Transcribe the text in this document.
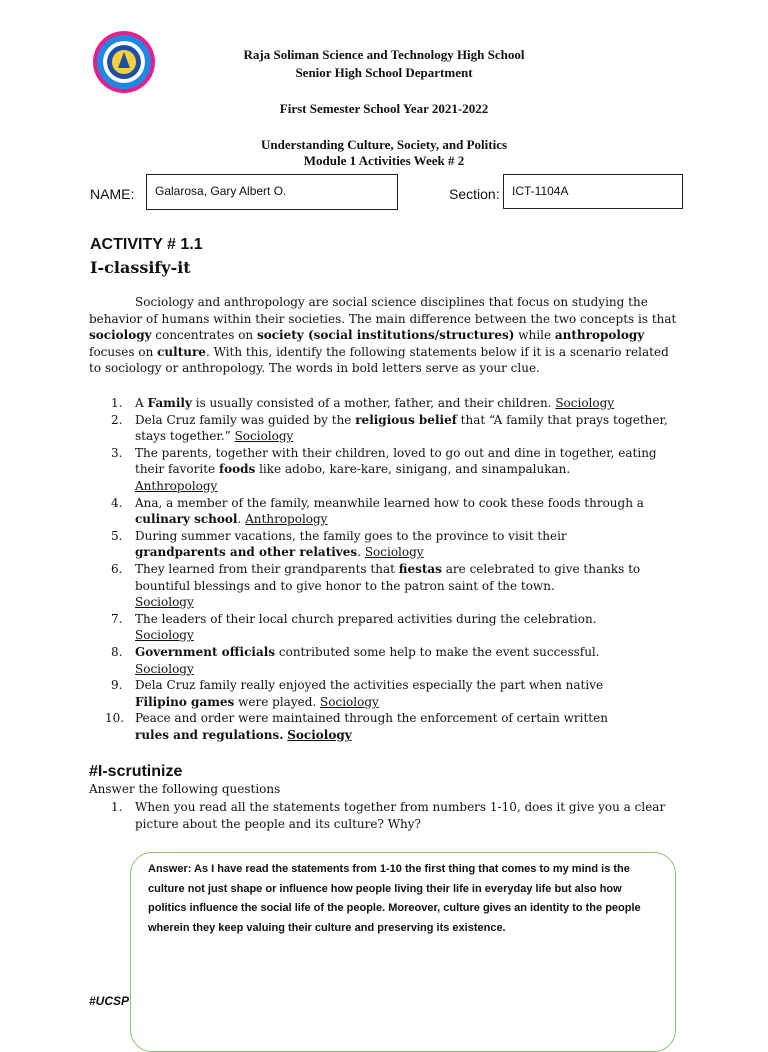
Raja Soliman Science and Technology High School
Senior High School Department
First Semester School Year 2021-2022
Understanding Culture, Society, and Politics
Module 1 Activities Week # 2
NAME:	Galarosa, Gary Albert O.	Section:	ICT-1104A
ACTIVITY # 1.1
I-classify-it
Sociology and anthropology are social science disciplines that focus on studying the behavior of humans within their societies. The main difference between the two concepts is that sociology concentrates on society (social institutions/structures) while anthropology focuses on culture. With this, identify the following statements below if it is a scenario related to sociology or anthropology. The words in bold letters serve as your clue.
1. A Family is usually consisted of a mother, father, and their children. Sociology
2. Dela Cruz family was guided by the religious belief that “A family that prays together, stays together.” Sociology
3. The parents, together with their children, loved to go out and dine in together, eating their favorite foods like adobo, kare-kare, sinigang, and sinampalukan.
Anthropology
4. Ana, a member of the family, meanwhile learned how to cook these foods through a culinary school. Anthropology
5. During summer vacations, the family goes to the province to visit their
grandparents and other relatives. Sociology
6. They learned from their grandparents that fiestas are celebrated to give thanks to bountiful blessings and to give honor to the patron saint of the town.
Sociology
7. The leaders of their local church prepared activities during the celebration.
Sociology
8. Government officials contributed some help to make the event successful.
Sociology
9. Dela Cruz family really enjoyed the activities especially the part when native
Filipino games were played. Sociology
10. Peace and order were maintained through the enforcement of certain written
rules and regulations. Sociology
#I-scrutinize
Answer the following questions
1.	When you read all the statements together from numbers 1-10, does it give you a clear picture about the people and its culture? Why?
Answer: As I have read the statements from 1-10 the first thing that comes to my mind is the culture not just shape or influence how people living their life in everyday life but also how politics influence the social life of the people. Moreover, culture gives an identity to the people wherein they keep valuing their culture and preserving its existence.
#UCSP
